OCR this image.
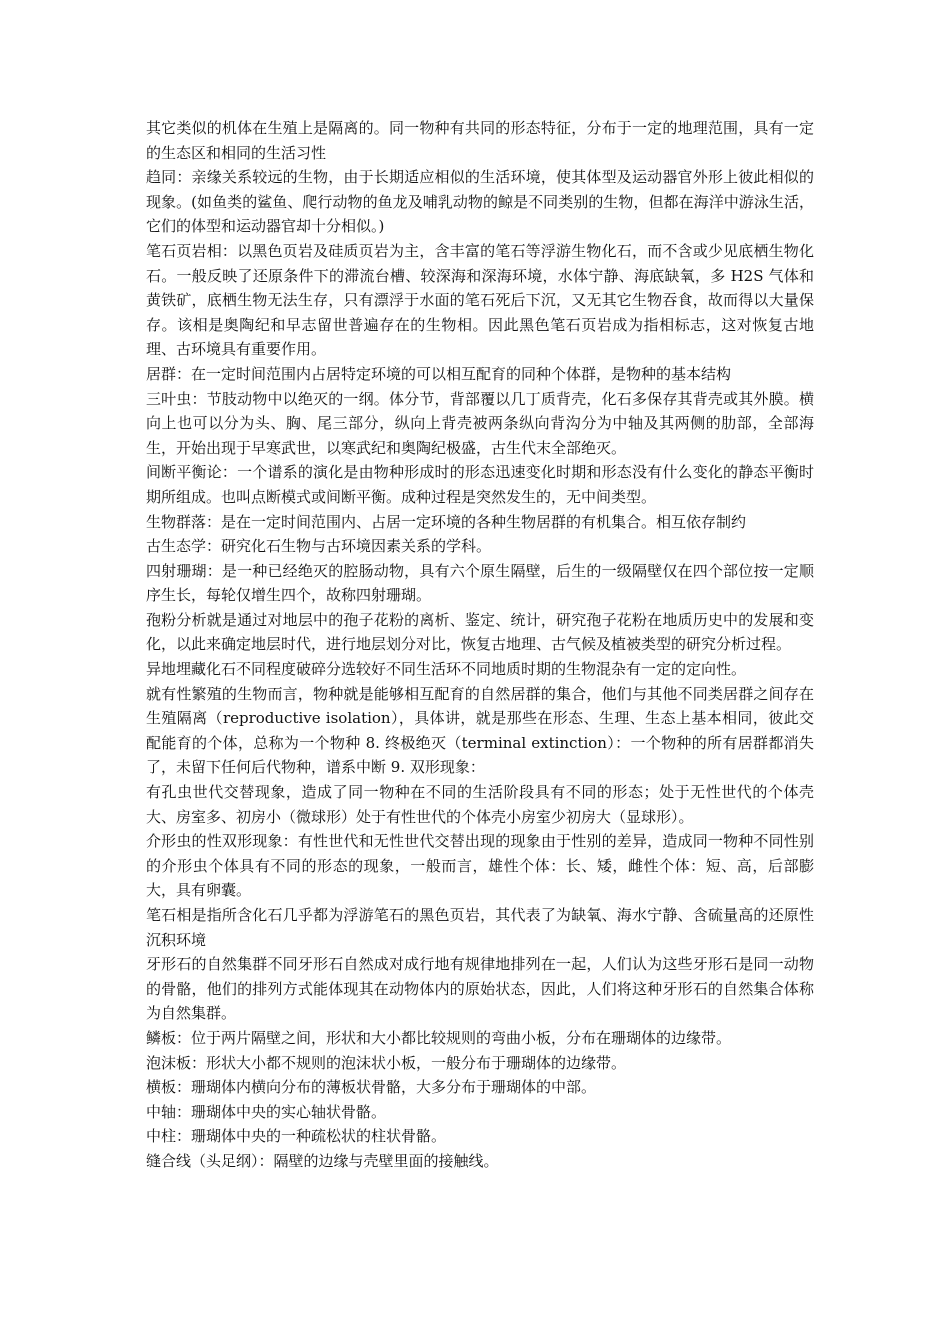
其它类似的机体在生殖上是隔离的。同一物种有共同的形态特征，分布于一定的地理范围，具有一定的生态区和相同的生活习性

趋同：亲缘关系较远的生物，由于长期适应相似的生活环境，使其体型及运动器官外形上彼此相似的现象。(如鱼类的鲨鱼、爬行动物的鱼龙及哺乳动物的鲸是不同类别的生物，但都在海洋中游泳生活，它们的体型和运动器官却十分相似。)

笔石页岩相：以黑色页岩及硅质页岩为主，含丰富的笔石等浮游生物化石，而不含或少见底栖生物化石。一般反映了还原条件下的滞流台槽、较深海和深海环境，水体宁静、海底缺氧，多 H2S 气体和黄铁矿，底栖生物无法生存，只有漂浮于水面的笔石死后下沉，又无其它生物吞食，故而得以大量保存。该相是奥陶纪和早志留世普遍存在的生物相。因此黑色笔石页岩成为指相标志，这对恢复古地理、古环境具有重要作用。

居群：在一定时间范围内占居特定环境的可以相互配育的同种个体群，是物种的基本结构

三叶虫：节肢动物中以绝灭的一纲。体分节，背部覆以几丁质背壳，化石多保存其背壳或其外膜。横向上也可以分为头、胸、尾三部分，纵向上背壳被两条纵向背沟分为中轴及其两侧的肋部，全部海生，开始出现于早寒武世，以寒武纪和奥陶纪极盛，古生代末全部绝灭。

间断平衡论：一个谱系的演化是由物种形成时的形态迅速变化时期和形态没有什么变化的静态平衡时期所组成。也叫点断模式或间断平衡。成种过程是突然发生的，无中间类型。

生物群落：是在一定时间范围内、占居一定环境的各种生物居群的有机集合。相互依存制约

古生态学：研究化石生物与古环境因素关系的学科。

四射珊瑚：是一种已经绝灭的腔肠动物，具有六个原生隔壁，后生的一级隔壁仅在四个部位按一定顺序生长，每轮仅增生四个，故称四射珊瑚。

孢粉分析就是通过对地层中的孢子花粉的离析、鉴定、统计，研究孢子花粉在地质历史中的发展和变化，以此来确定地层时代，进行地层划分对比，恢复古地理、古气候及植被类型的研究分析过程。

异地埋藏化石不同程度破碎分选较好不同生活环不同地质时期的生物混杂有一定的定向性。

就有性繁殖的生物而言，物种就是能够相互配育的自然居群的集合，他们与其他不同类居群之间存在生殖隔离（reproductive isolation），具体讲，就是那些在形态、生理、生态上基本相同，彼此交配能育的个体，总称为一个物种 8. 终极绝灭（terminal extinction）：一个物种的所有居群都消失了，未留下任何后代物种，谱系中断 9. 双形现象：

有孔虫世代交替现象，造成了同一物种在不同的生活阶段具有不同的形态；处于无性世代的个体壳大、房室多、初房小（微球形）处于有性世代的个体壳小房室少初房大（显球形）。

介形虫的性双形现象：有性世代和无性世代交替出现的现象由于性别的差异，造成同一物种不同性别的介形虫个体具有不同的形态的现象，一般而言，雄性个体：长、矮，雌性个体：短、高，后部膨大，具有卵囊。

笔石相是指所含化石几乎都为浮游笔石的黑色页岩，其代表了为缺氧、海水宁静、含硫量高的还原性沉积环境

牙形石的自然集群不同牙形石自然成对成行地有规律地排列在一起，人们认为这些牙形石是同一动物的骨骼，他们的排列方式能体现其在动物体内的原始状态，因此，人们将这种牙形石的自然集合体称为自然集群。

鳞板：位于两片隔壁之间，形状和大小都比较规则的弯曲小板，分布在珊瑚体的边缘带。

泡沫板：形状大小都不规则的泡沫状小板，一般分布于珊瑚体的边缘带。

横板：珊瑚体内横向分布的薄板状骨骼，大多分布于珊瑚体的中部。

中轴：珊瑚体中央的实心轴状骨骼。

中柱：珊瑚体中央的一种疏松状的柱状骨骼。

缝合线（头足纲）：隔壁的边缘与壳壁里面的接触线。
